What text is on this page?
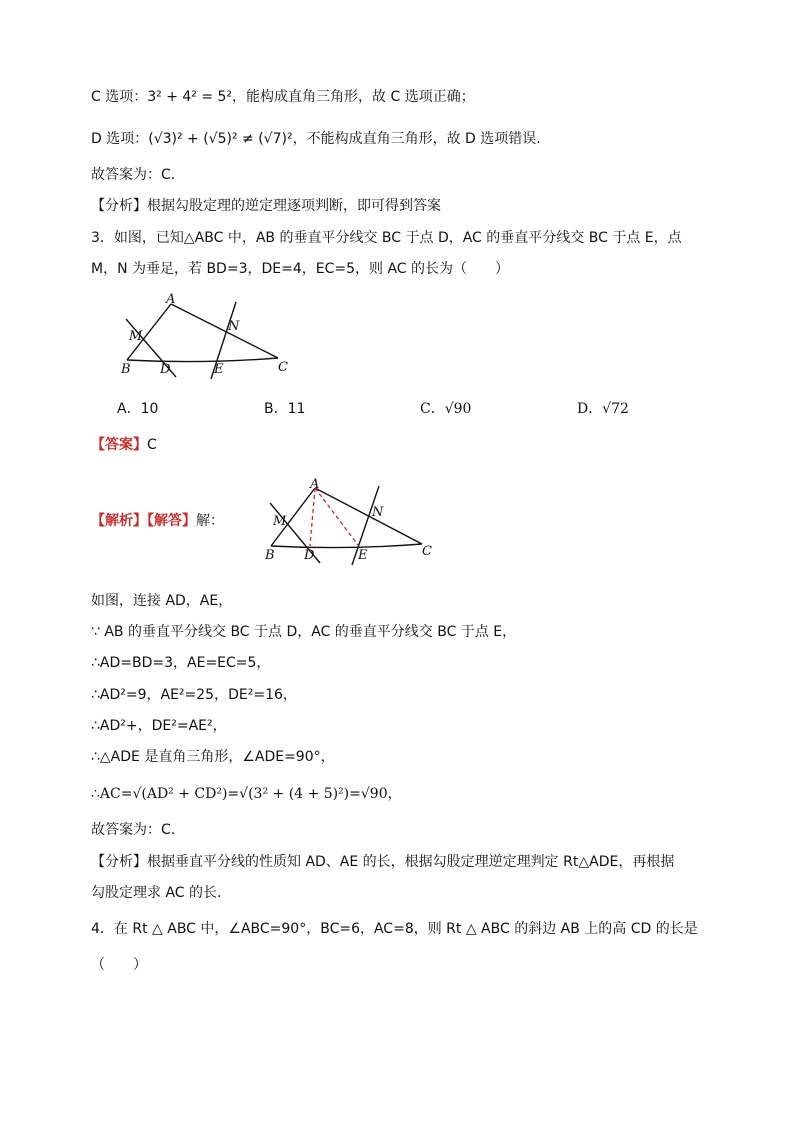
C 选项：3² + 4² = 5²，能构成直角三角形，故 C 选项正确；
D 选项：(√3)² + (√5)² ≠ (√7)²，不能构成直角三角形，故 D 选项错误.
故答案为：C.
【分析】根据勾股定理的逆定理逐项判断，即可得到答案
3．如图，已知△ABC 中，AB 的垂直平分线交 BC 于点 D，AC 的垂直平分线交 BC 于点 E，点
M，N 为垂足，若 BD=3，DE=4，EC=5，则 AC 的长为（　　）
A
M
N
B D	E	C
A．10	B．11	C．√90	D．√72
【答案】C
【解析】【解答】解：
A
M
N
B D	E	C
如图，连接 AD，AE，
∵ AB 的垂直平分线交 BC 于点 D，AC 的垂直平分线交 BC 于点 E，
∴AD=BD=3，AE=EC=5，
∴AD²=9，AE²=25，DE²=16，
∴AD²+，DE²=AE²，
∴△ADE 是直角三角形，∠ADE=90°，
∴AC=√(AD² + CD²)=√(3² + (4 + 5)²)=√90，
故答案为：C.
【分析】根据垂直平分线的性质知 AD、AE 的长，根据勾股定理逆定理判定 Rt△ADE，再根据
勾股定理求 AC 的长.
4．在 Rt △ ABC 中，∠ABC=90°，BC=6，AC=8，则 Rt △ ABC 的斜边 AB 上的高 CD 的长是
（　　）
